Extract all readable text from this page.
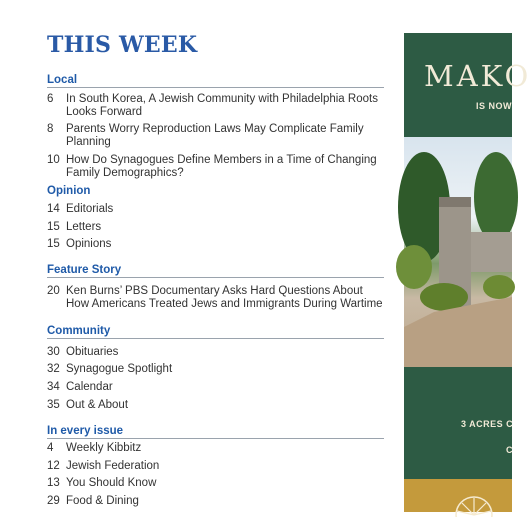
THIS WEEK
Local
6 In South Korea, A Jewish Community with Philadelphia Roots Looks Forward
8 Parents Worry Reproduction Laws May Complicate Family Planning
10 How Do Synagogues Define Members in a Time of Changing Family Demographics?
Opinion
14 Editorials
15 Letters
15 Opinions
Feature Story
20 Ken Burns’ PBS Documentary Asks Hard Questions About How Americans Treated Jews and Immigrants During Wartime
Community
30 Obituaries
32 Synagogue Spotlight
34 Calendar
35 Out & About
In every issue
4 Weekly Kibbitz
12 Jewish Federation
13 You Should Know
29 Food & Dining
MAKO
IS NOW
3 ACRES C
C
